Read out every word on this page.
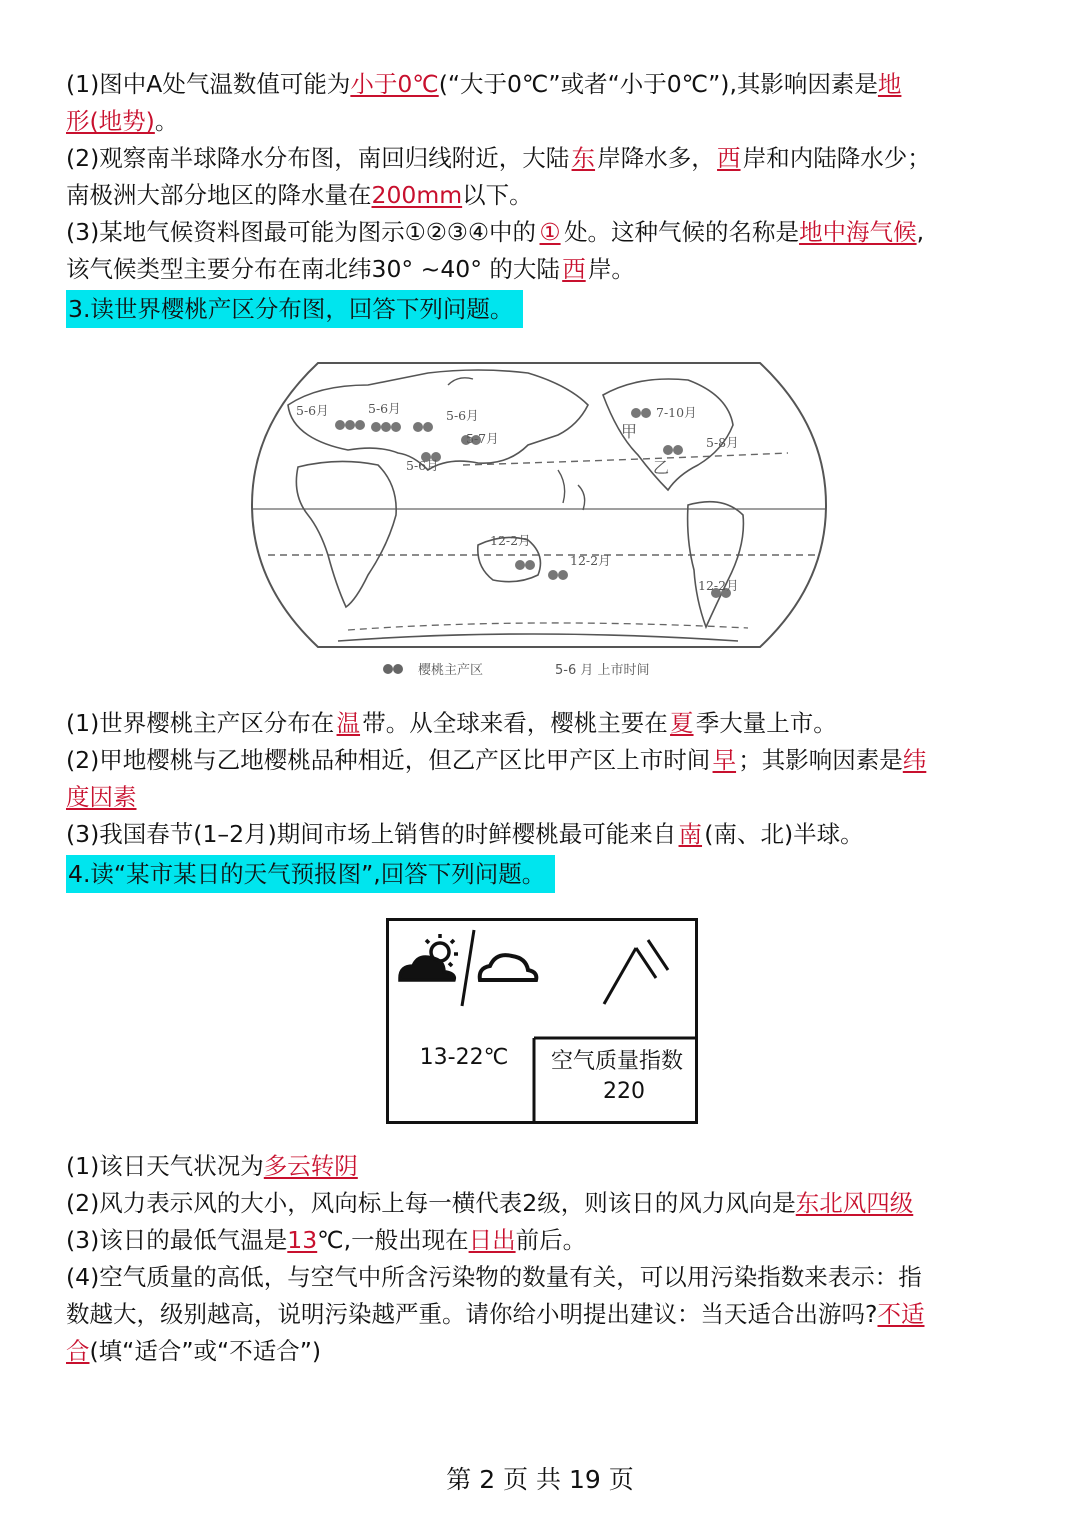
(1)图中A处气温数值可能为小于0℃(“大于0℃”或者“小于0℃”),其影响因素是地
形(地势)。
(2)观察南半球降水分布图，南回归线附近，大陆东岸降水多，西岸和内陆降水少；
南极洲大部分地区的降水量在200mm以下。
(3)某地气候资料图最可能为图示①②③④中的 ① 处。这种气候的名称是地中海气候,
该气候类型主要分布在南北纬30° ~40° 的大陆西岸。
3.读世界樱桃产区分布图，回答下列问题。
5-6月	5-6月	5-6月
5-7月
5-6月
7-10月
5-8月
12-2月
12-2月
12-2月
甲
乙
樱桃主产区	5-6 月 上市时间
(1)世界樱桃主产区分布在温带。从全球来看，樱桃主要在夏季大量上市。
(2)甲地樱桃与乙地樱桃品种相近，但乙产区比甲产区上市时间早；其影响因素是纬
度因素
(3)我国春节(1–2月)期间市场上销售的时鲜樱桃最可能来自南(南、北)半球。
4.读“某市某日的天气预报图”,回答下列问题。
13-22℃ 空气质量指数
220
(1)该日天气状况为多云转阴
(2)风力表示风的大小，风向标上每一横代表2级，则该日的风力风向是东北风四级
(3)该日的最低气温是13℃,一般出现在日出前后。
(4)空气质量的高低，与空气中所含污染物的数量有关，可以用污染指数来表示：指
数越大，级别越高，说明污染越严重。请你给小明提出建议：当天适合出游吗?不适
合(填“适合”或“不适合”)
第 2 页 共 19 页
